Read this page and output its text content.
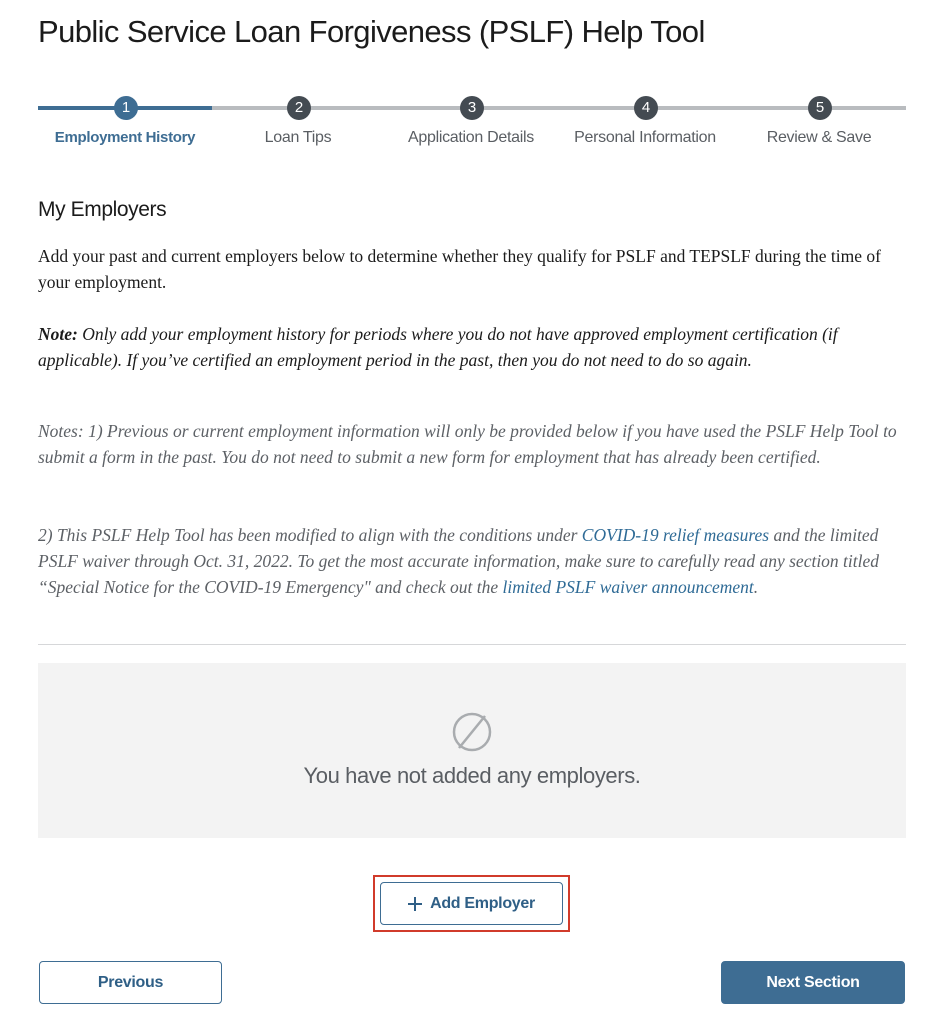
Public Service Loan Forgiveness (PSLF) Help Tool
1
Employment History
2
Loan Tips
3
Application Details
4
Personal Information
5
Review & Save
My Employers

Add your past and current employers below to determine whether they qualify for PSLF and TEPSLF during the time of your employment.

Note: Only add your employment history for periods where you do not have approved employment certification (if applicable). If you’ve certified an employment period in the past, then you do not need to do so again.

Notes: 1) Previous or current employment information will only be provided below if you have used the PSLF Help Tool to submit a form in the past. You do not need to submit a new form for employment that has already been certified.

2) This PSLF Help Tool has been modified to align with the conditions under COVID-19 relief measures and the limited PSLF waiver through Oct. 31, 2022. To get the most accurate information, make sure to carefully read any section titled “Special Notice for the COVID-19 Emergency" and check out the limited PSLF waiver announcement.

You have not added any employers.
Add Employer
Previous	Next Section
